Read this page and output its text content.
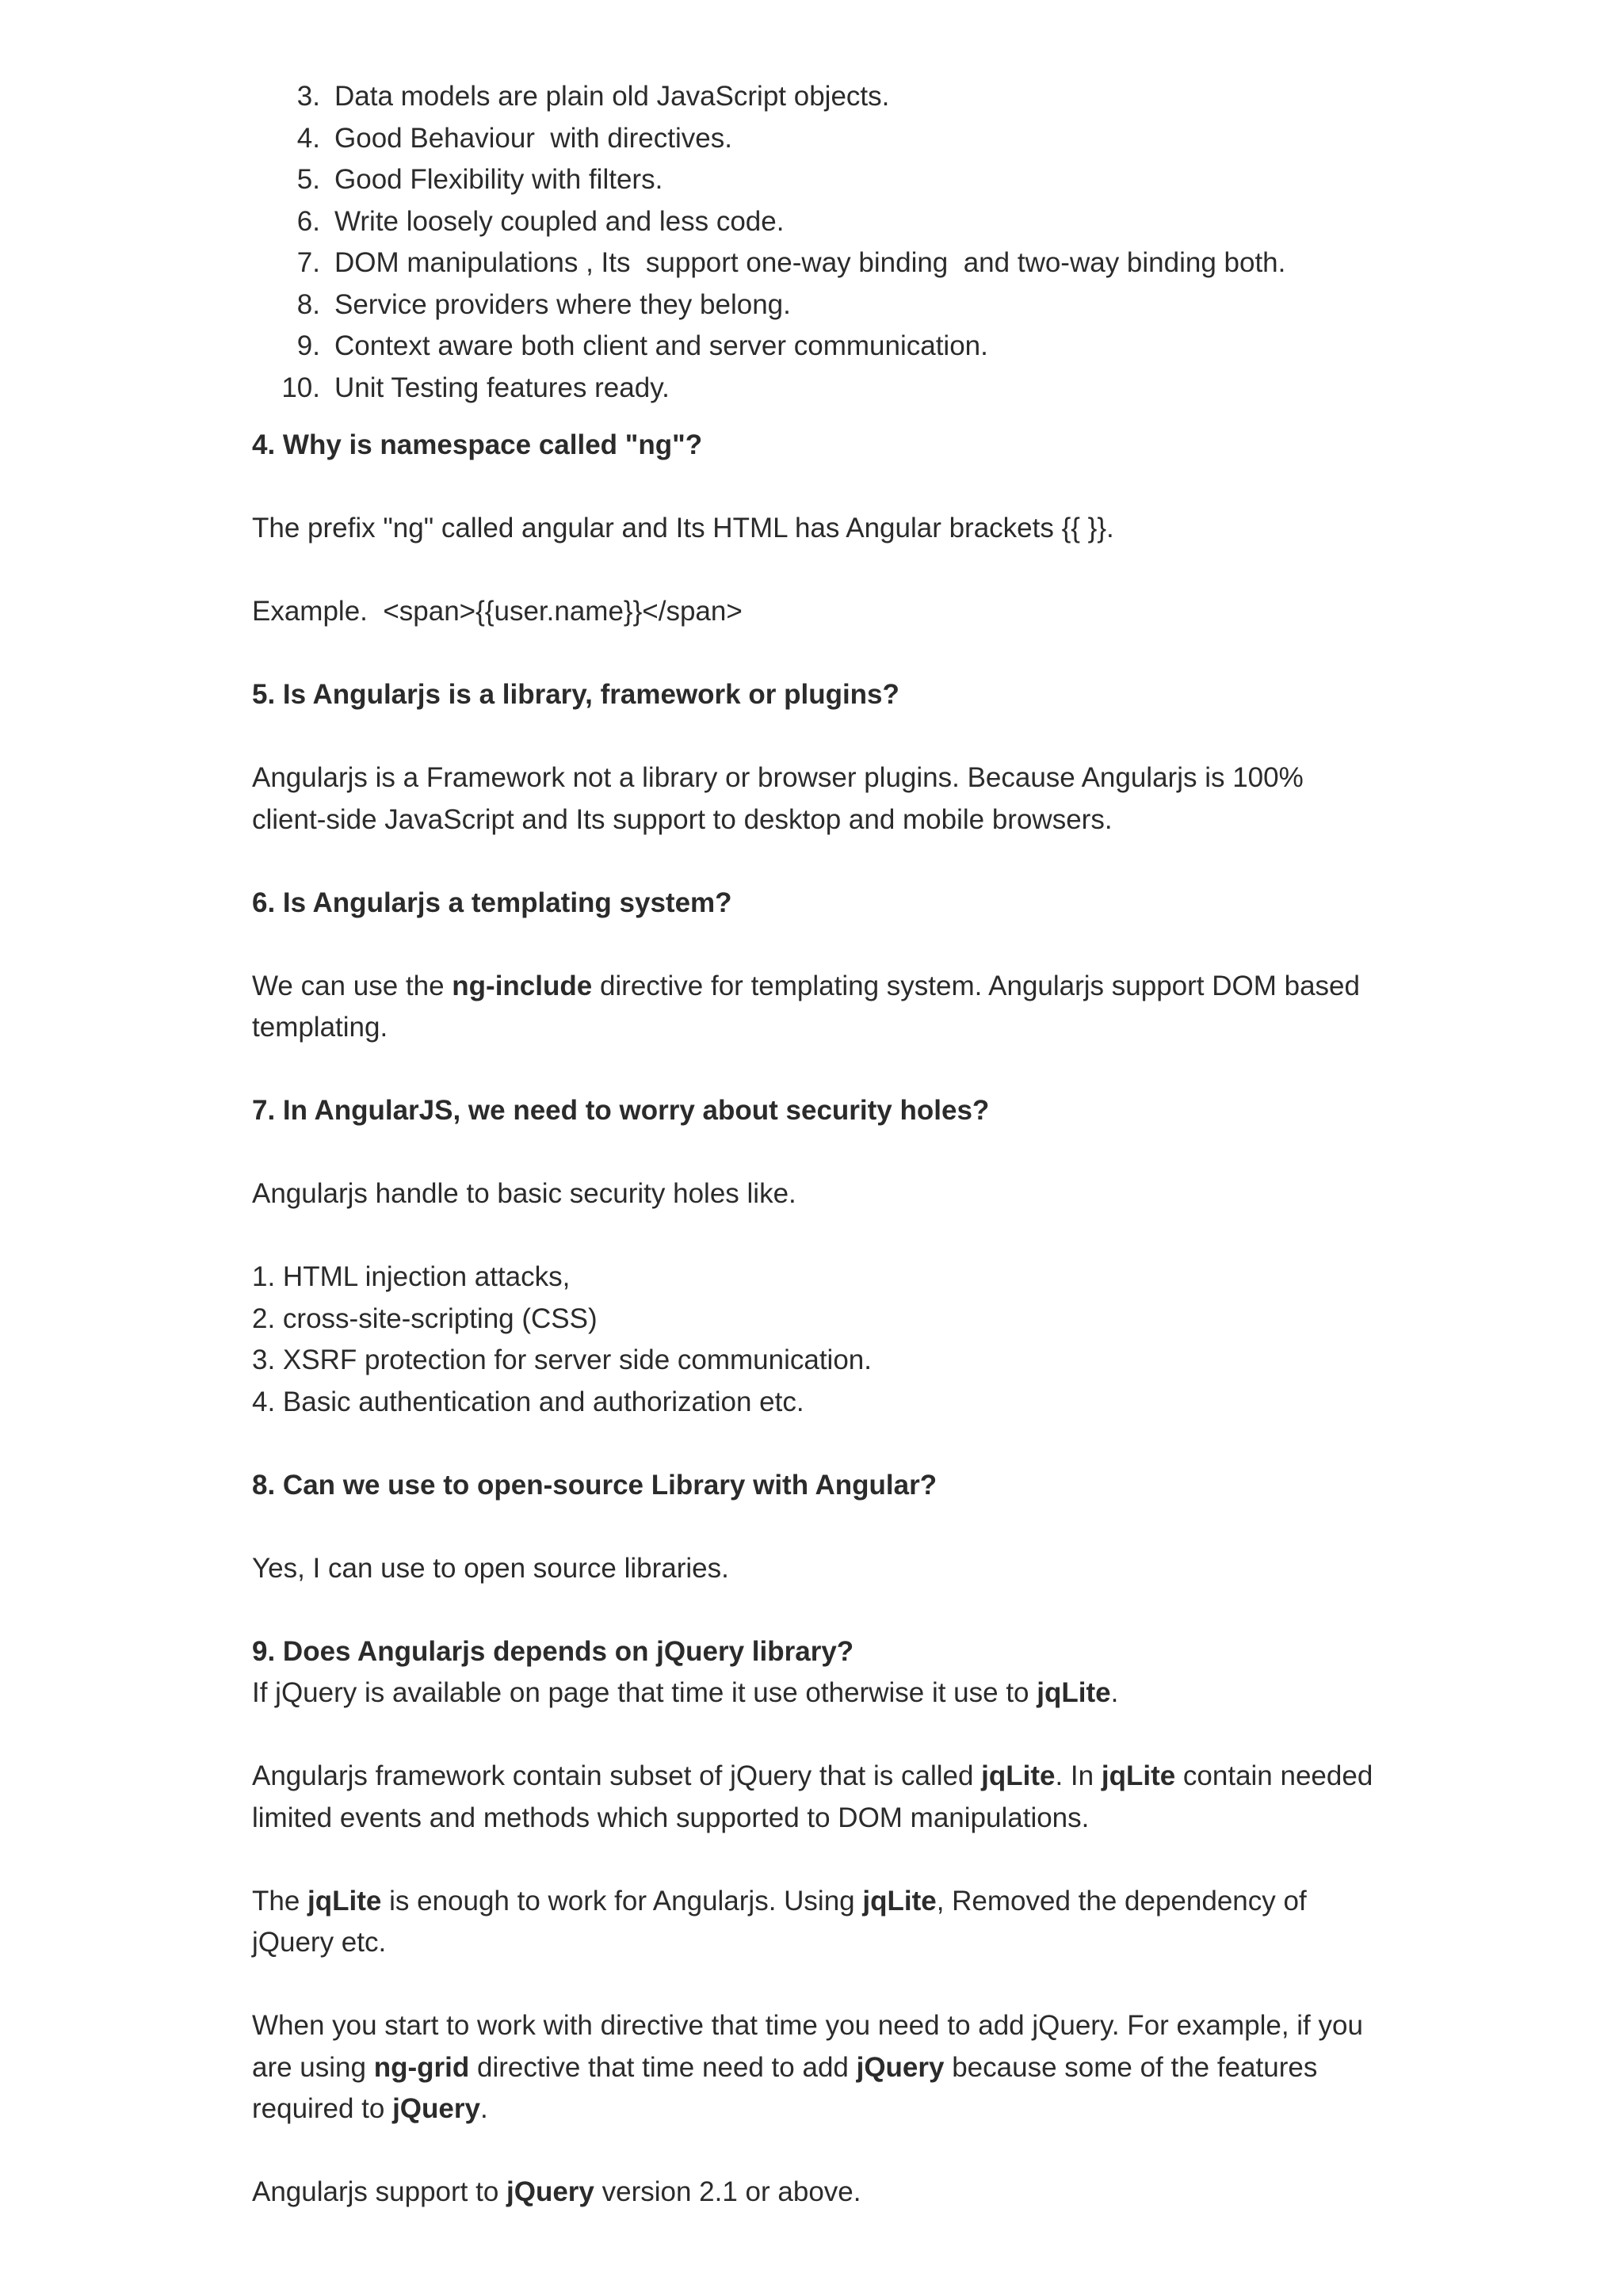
3. Data models are plain old JavaScript objects.
4. Good Behaviour  with directives.
5. Good Flexibility with filters.
6. Write loosely coupled and less code.
7. DOM manipulations , Its  support one-way binding  and two-way binding both.
8. Service providers where they belong.
9. Context aware both client and server communication.
10. Unit Testing features ready.
4. Why is namespace called "ng"?

The prefix "ng" called angular and Its HTML has Angular brackets {{ }}.

Example.  <span>{{user.name}}</span>

5. Is Angularjs is a library, framework or plugins?

Angularjs is a Framework not a library or browser plugins. Because Angularjs is 100% client-side JavaScript and Its support to desktop and mobile browsers.

6. Is Angularjs a templating system?

We can use the ng-include directive for templating system. Angularjs support DOM based templating.

7. In AngularJS, we need to worry about security holes?

Angularjs handle to basic security holes like.

1. HTML injection attacks,

2. cross-site-scripting (CSS)

3. XSRF protection for server side communication.

4. Basic authentication and authorization etc.

8. Can we use to open-source Library with Angular?

Yes, I can use to open source libraries.

9. Does Angularjs depends on jQuery library?

If jQuery is available on page that time it use otherwise it use to jqLite.

Angularjs framework contain subset of jQuery that is called jqLite. In jqLite contain needed limited events and methods which supported to DOM manipulations.

The jqLite is enough to work for Angularjs. Using jqLite, Removed the dependency of jQuery etc.

When you start to work with directive that time you need to add jQuery. For example, if you are using ng-grid directive that time need to add jQuery because some of the features required to jQuery.

Angularjs support to jQuery version 2.1 or above.
